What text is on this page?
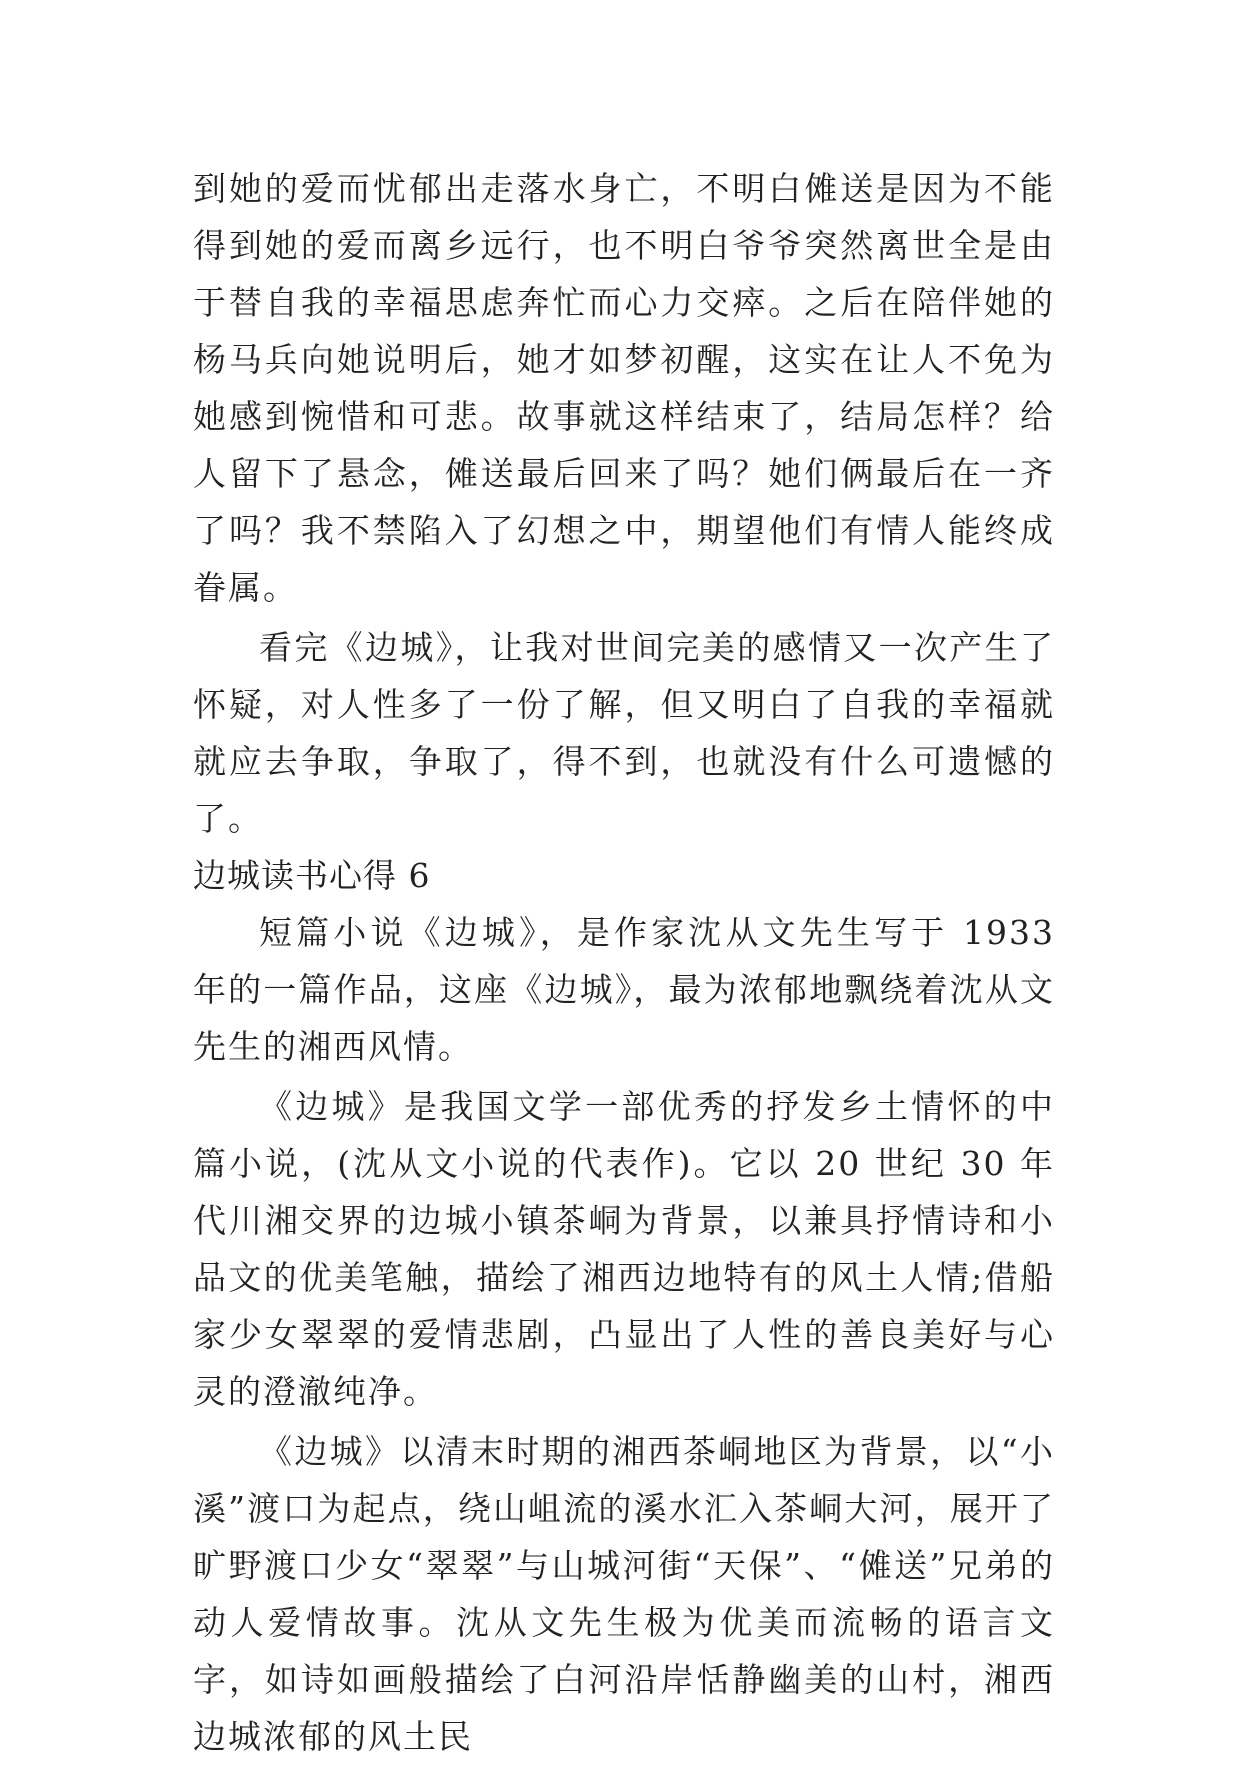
到她的爱而忧郁出走落水身亡，不明白傩送是因为不能得到她的爱而离乡远行，也不明白爷爷突然离世全是由于替自我的幸福思虑奔忙而心力交瘁。之后在陪伴她的杨马兵向她说明后，她才如梦初醒，这实在让人不免为她感到惋惜和可悲。故事就这样结束了，结局怎样？给人留下了悬念，傩送最后回来了吗？她们俩最后在一齐了吗？我不禁陷入了幻想之中，期望他们有情人能终成眷属。

看完《边城》，让我对世间完美的感情又一次产生了怀疑，对人性多了一份了解，但又明白了自我的幸福就就应去争取，争取了，得不到，也就没有什么可遗憾的了。

边城读书心得 6

短篇小说《边城》，是作家沈从文先生写于 1933 年的一篇作品，这座《边城》，最为浓郁地飘绕着沈从文先生的湘西风情。

《边城》是我国文学一部优秀的抒发乡土情怀的中篇小说，(沈从文小说的代表作)。它以 20 世纪 30 年代川湘交界的边城小镇茶峒为背景，以兼具抒情诗和小品文的优美笔触，描绘了湘西边地特有的风土人情;借船家少女翠翠的爱情悲剧，凸显出了人性的善良美好与心灵的澄澈纯净。

《边城》以清末时期的湘西茶峒地区为背景，以“小溪”渡口为起点，绕山岨流的溪水汇入茶峒大河，展开了旷野渡口少女“翠翠”与山城河街“天保”、“傩送”兄弟的动人爱情故事。沈从文先生极为优美而流畅的语言文字，如诗如画般描绘了白河沿岸恬静幽美的山村，湘西边城浓郁的风土民
